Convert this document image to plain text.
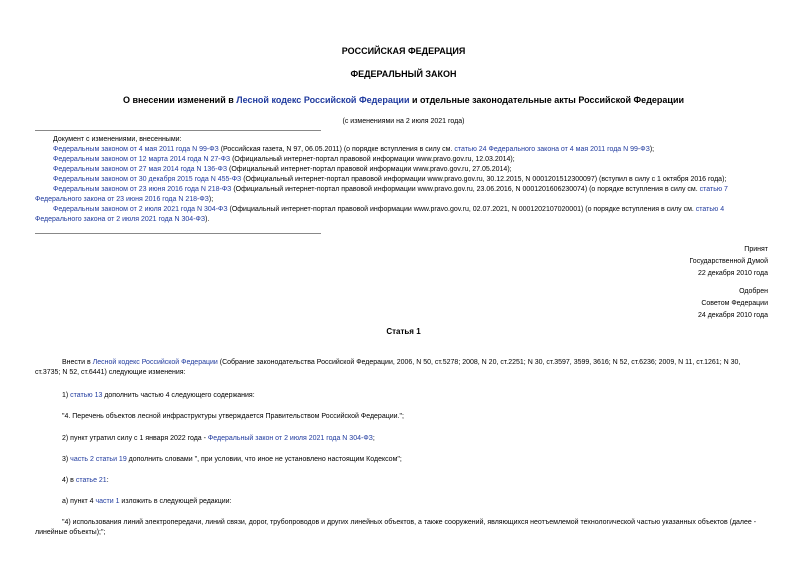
РОССИЙСКАЯ ФЕДЕРАЦИЯ
ФЕДЕРАЛЬНЫЙ ЗАКОН
О внесении изменений в Лесной кодекс Российской Федерации и отдельные законодательные акты Российской Федерации
(с изменениями на 2 июля 2021 года)
Документ с изменениями, внесенными:
Федеральным законом от 4 мая 2011 года N 99-ФЗ (Российская газета, N 97, 06.05.2011) (о порядке вступления в силу см. статью 24 Федерального закона от 4 мая 2011 года N 99-ФЗ);
Федеральным законом от 12 марта 2014 года N 27-ФЗ (Официальный интернет-портал правовой информации www.pravo.gov.ru, 12.03.2014);
Федеральным законом от 27 мая 2014 года N 136-ФЗ (Официальный интернет-портал правовой информации www.pravo.gov.ru, 27.05.2014);
Федеральным законом от 30 декабря 2015 года N 455-ФЗ (Официальный интернет-портал правовой информации www.pravo.gov.ru, 30.12.2015, N 0001201512300097) (вступил в силу с 1 октября 2016 года);
Федеральным законом от 23 июня 2016 года N 218-ФЗ (Официальный интернет-портал правовой информации www.pravo.gov.ru, 23.06.2016, N 0001201606230074) (о порядке вступления в силу см. статью 7
Федерального закона от 23 июня 2016 года N 218-ФЗ);
Федеральным законом от 2 июля 2021 года N 304-ФЗ (Официальный интернет-портал правовой информации www.pravo.gov.ru, 02.07.2021, N 0001202107020001) (о порядке вступления в силу см. статью 4
Федерального закона от 2 июля 2021 года N 304-ФЗ).
Принят
Государственной Думой
22 декабря 2010 года
Одобрен
Советом Федерации
24 декабря 2010 года
Статья 1
Внести в Лесной кодекс Российской Федерации (Собрание законодательства Российской Федерации, 2006, N 50, ст.5278; 2008, N 20, ст.2251; N 30, ст.3597, 3599, 3616; N 52, ст.6236; 2009, N 11, ст.1261; N 30,
ст.3735; N 52, ст.6441) следующие изменения:
1) статью 13 дополнить частью 4 следующего содержания:
"4. Перечень объектов лесной инфраструктуры утверждается Правительством Российской Федерации.";
2) пункт утратил силу с 1 января 2022 года - Федеральный закон от 2 июля 2021 года N 304-ФЗ;
3) часть 2 статьи 19 дополнить словами ", при условии, что иное не установлено настоящим Кодексом";
4) в статье 21:
а) пункт 4 части 1 изложить в следующей редакции:
"4) использования линий электропередачи, линий связи, дорог, трубопроводов и других линейных объектов, а также сооружений, являющихся неотъемлемой технологической частью указанных объектов (далее -
линейные объекты);";
